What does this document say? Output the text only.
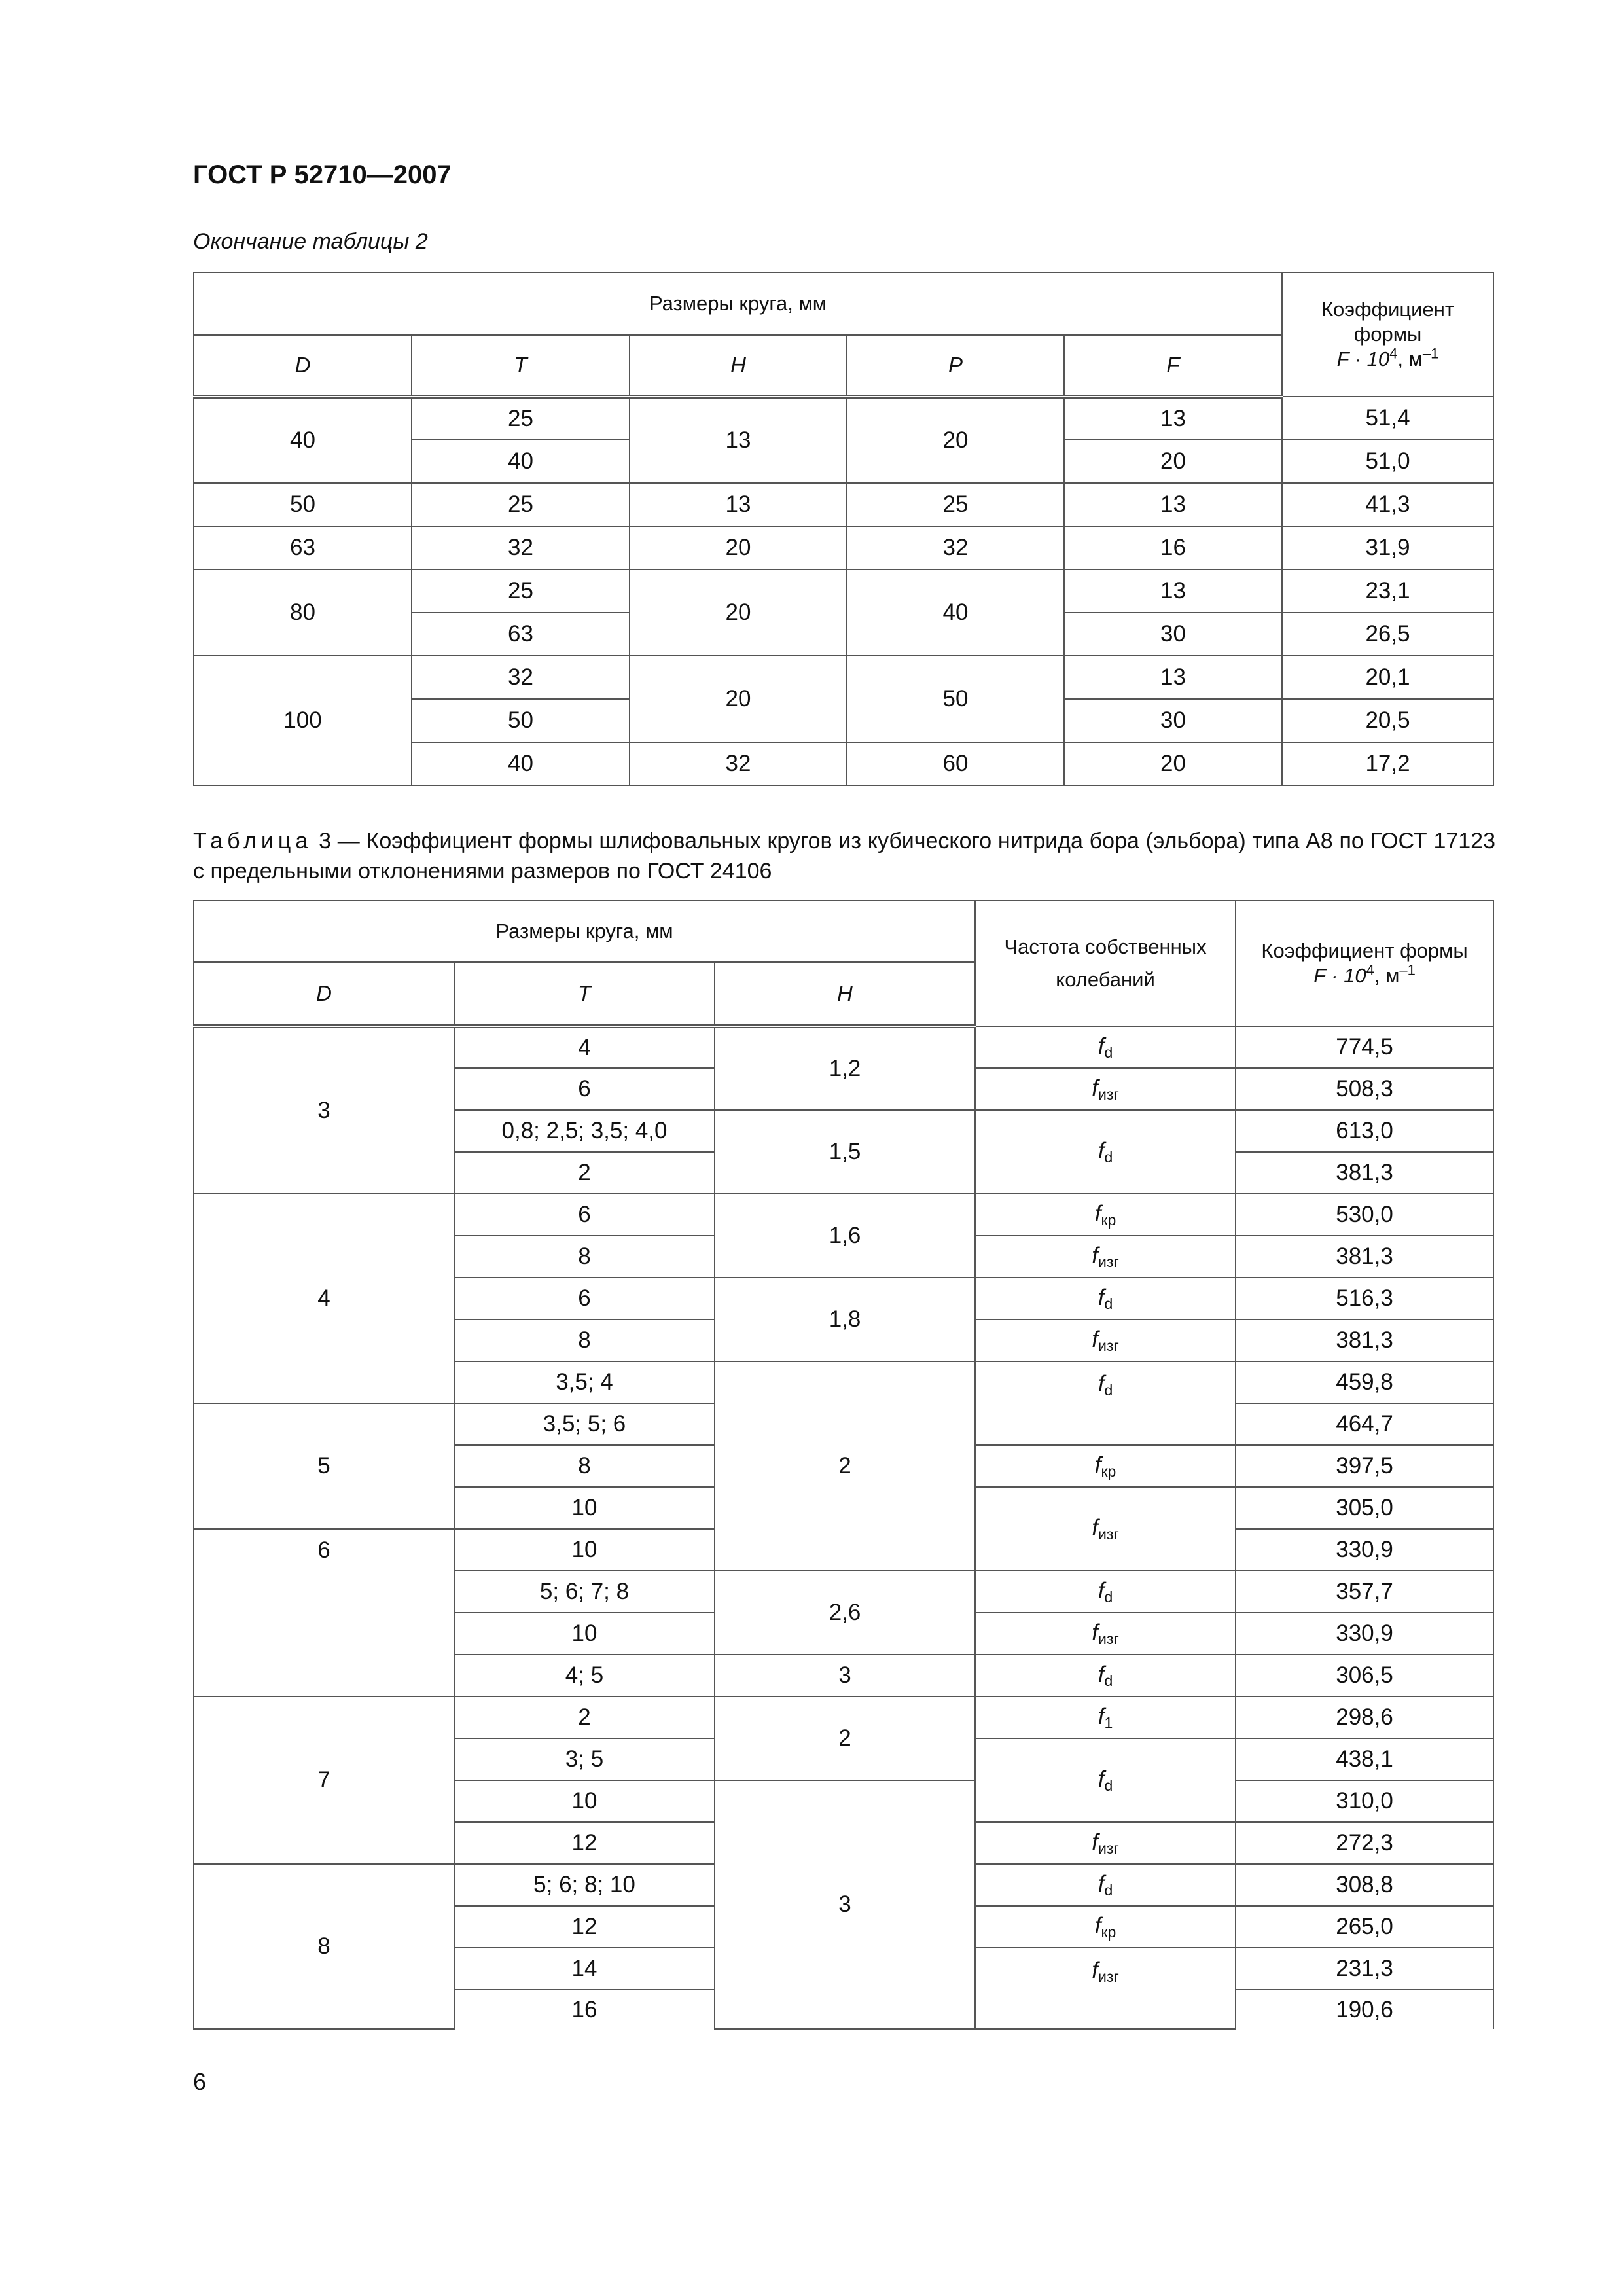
ГОСТ Р 52710—2007
Окончание таблицы 2
Размеры круга, мм					Коэффициент
формы
$F \cdot 10^4$, $м^{-1}$
D	T	H	P	F	
40	25	13	20	13	51,4
	40			20	51,0
50	25	13	25	13	41,3
63	32	20	32	16	31,9
80	25	20	40	13	23,1
	63			30	26,5
100	32	20	50	13	20,1
	50			30	20,5
	40	32	60	20	17,2
Таблица 3 — Коэффициент формы шлифовальных кругов из кубического нитрида бора (эльбора) типа А8 по ГОСТ 17123 с предельными отклонениями размеров по ГОСТ 24106
Размеры круга, мм			Частота собственных
колебаний	Коэффициент формы
$F \cdot 10^4$, $м^{-1}$
D	T	H		
3	4	1,2	fd	774,5
	6		fизг	508,3
	0,8; 2,5; 3,5; 4,0	1,5	fd	613,0
	2			381,3
4	6	1,6	fкр	530,0
	8		fизг	381,3
	6	1,8	fd	516,3
	8		fизг	381,3
	3,5; 4	2	fd	459,8
5	3,5; 5; 6			464,7
	8		fкр	397,5
	10		fизг	305,0
6	10			330,9
	5; 6; 7; 8	2,6	fd	357,7
	10		fизг	330,9
	4; 5	3	fd	306,5
7	2	2	f1	298,6
	3; 5		fd	438,1
	10	3		310,0
	12		fизг	272,3
8	5; 6; 8; 10		fd	308,8
	12		fкр	265,0
	14		fизг	231,3
	16			190,6
6
